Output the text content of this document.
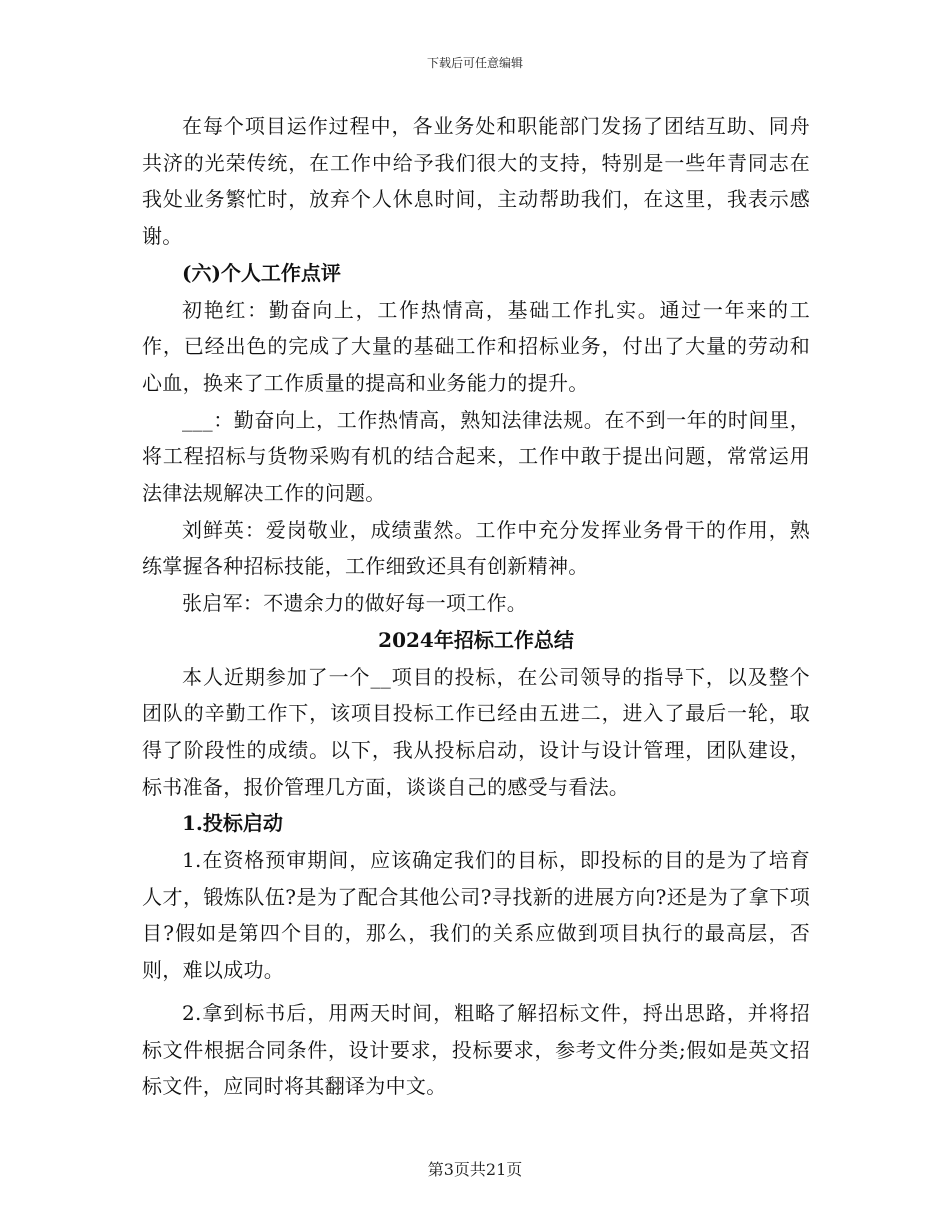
下载后可任意编辑

在每个项目运作过程中，各业务处和职能部门发扬了团结互助、同舟共济的光荣传统，在工作中给予我们很大的支持，特别是一些年青同志在我处业务繁忙时，放弃个人休息时间，主动帮助我们，在这里，我表示感谢。

(六)个人工作点评

初艳红：勤奋向上，工作热情高，基础工作扎实。通过一年来的工作，已经出色的完成了大量的基础工作和招标业务，付出了大量的劳动和心血，换来了工作质量的提高和业务能力的提升。

___：勤奋向上，工作热情高，熟知法律法规。在不到一年的时间里，将工程招标与货物采购有机的结合起来，工作中敢于提出问题，常常运用法律法规解决工作的问题。

刘鲜英：爱岗敬业，成绩蜚然。工作中充分发挥业务骨干的作用，熟练掌握各种招标技能，工作细致还具有创新精神。

张启军：不遗余力的做好每一项工作。

2024年招标工作总结

本人近期参加了一个__项目的投标，在公司领导的指导下，以及整个团队的辛勤工作下，该项目投标工作已经由五进二，进入了最后一轮，取得了阶段性的成绩。以下，我从投标启动，设计与设计管理，团队建设，标书准备，报价管理几方面，谈谈自己的感受与看法。

1.投标启动

1.在资格预审期间，应该确定我们的目标，即投标的目的是为了培育人才，锻炼队伍?是为了配合其他公司?寻找新的进展方向?还是为了拿下项目?假如是第四个目的，那么，我们的关系应做到项目执行的最高层，否则，难以成功。

2.拿到标书后，用两天时间，粗略了解招标文件，捋出思路，并将招标文件根据合同条件，设计要求，投标要求，参考文件分类;假如是英文招标文件，应同时将其翻译为中文。

第3页共21页
